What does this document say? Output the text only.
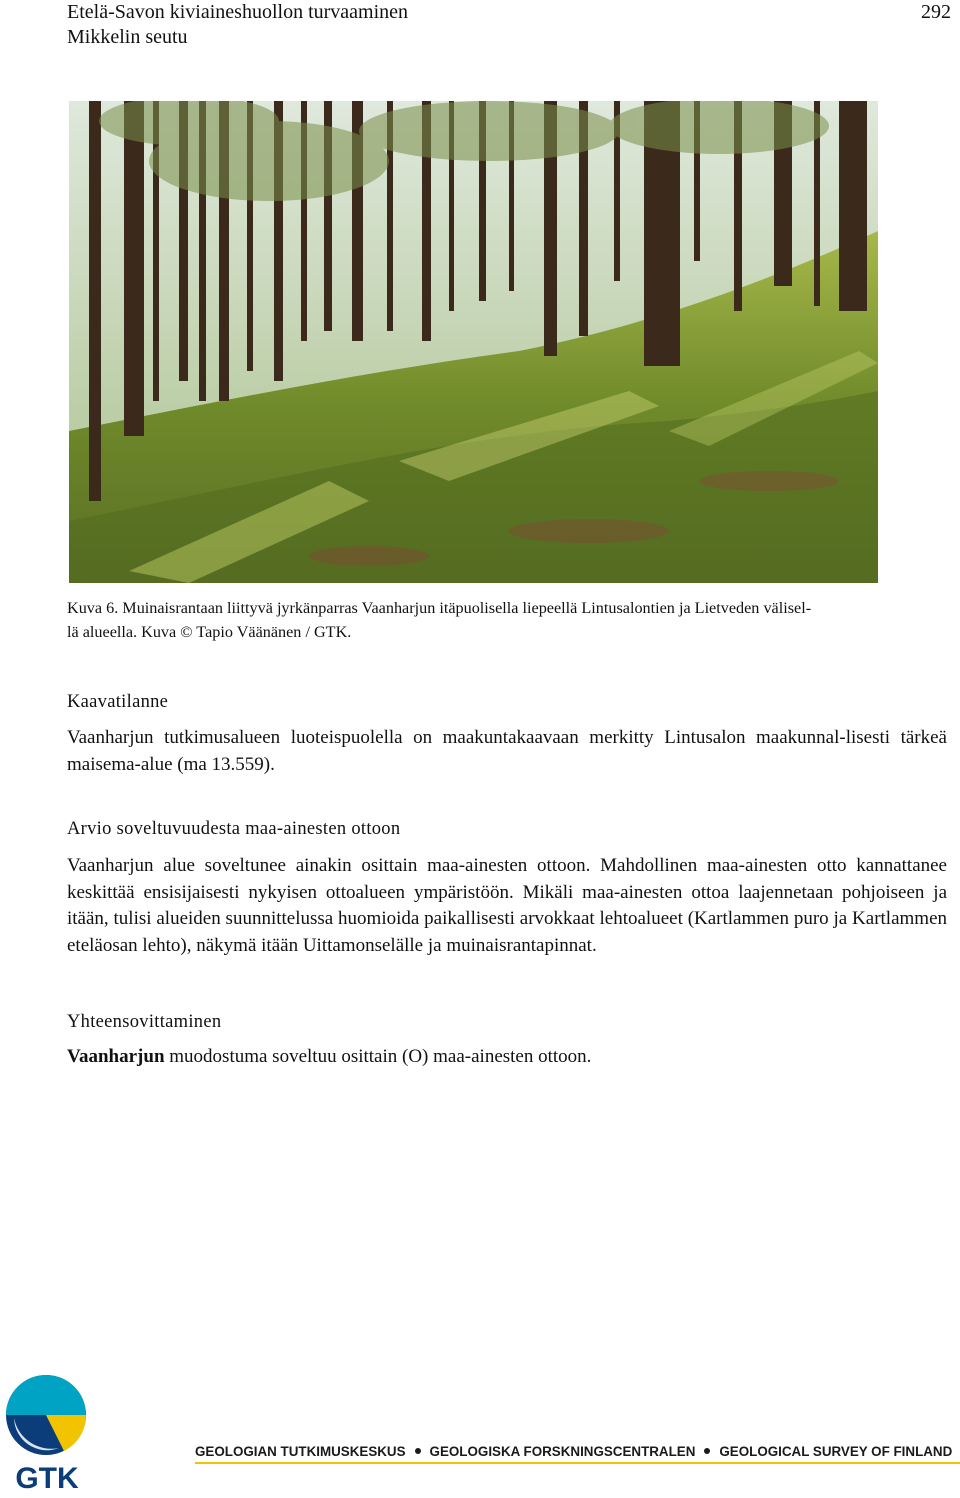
Etelä-Savon kiviaineshuollon turvaaminen
Mikkelin seutu
292
Kuva 6. Muinaisrantaan liittyvä jyrkänparras Vaanharjun itäpuolisella liepeellä Lintusalontien ja Lietveden välisel-
lä alueella. Kuva © Tapio Väänänen / GTK.
Kaavatilanne
Vaanharjun tutkimusalueen luoteispuolella on maakuntakaavaan merkitty Lintusalon maakunnal-lisesti tärkeä maisema-alue (ma 13.559).
Arvio soveltuvuudesta maa-ainesten ottoon
Vaanharjun alue soveltunee ainakin osittain maa-ainesten ottoon. Mahdollinen maa-ainesten otto kannattanee keskittää ensisijaisesti nykyisen ottoalueen ympäristöön. Mikäli maa-ainesten ottoa laajennetaan pohjoiseen ja itään, tulisi alueiden suunnittelussa huomioida paikallisesti arvokkaat lehtoalueet (Kartlammen puro ja Kartlammen eteläosan lehto), näkymä itään Uittamonselälle ja muinaisrantapinnat.
Yhteensovittaminen
Vaanharjun muodostuma soveltuu osittain (O) maa-ainesten ottoon.
GTK
GEOLOGIAN TUTKIMUSKESKUS GEOLOGISKA FORSKNINGSCENTRALEN GEOLOGICAL SURVEY OF FINLAND
